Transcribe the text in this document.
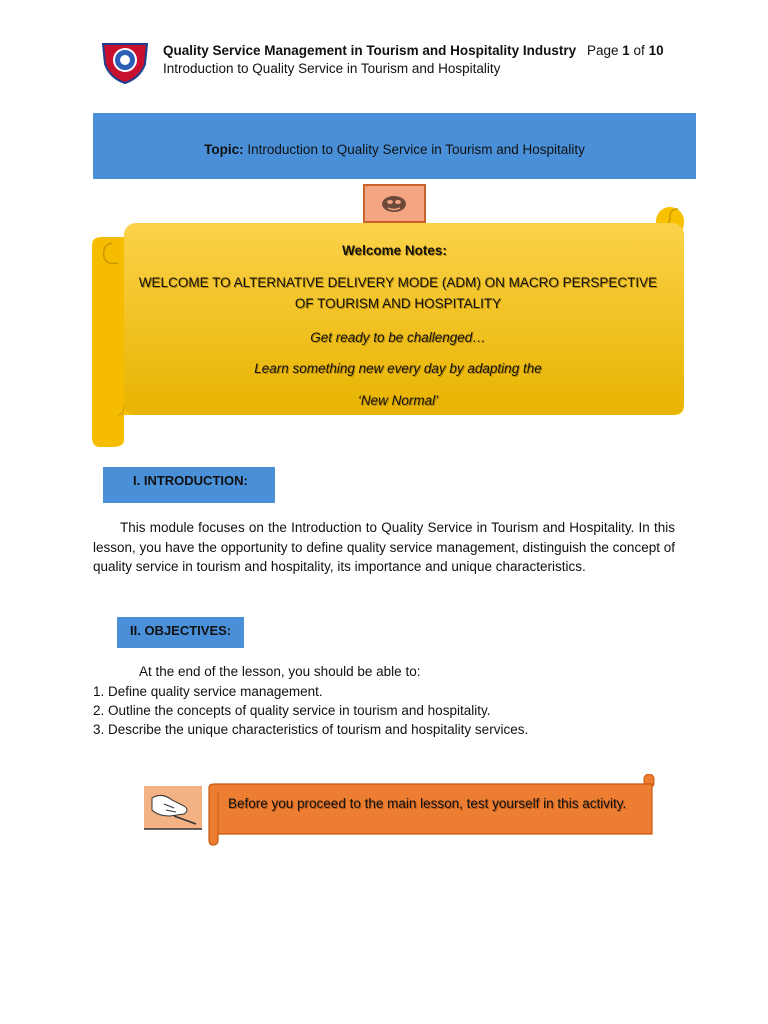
Quality Service Management in Tourism and Hospitality Industry
Introduction to Quality Service in Tourism and Hospitality
Page 1 of 10
Topic: Introduction to Quality Service in Tourism and Hospitality
Welcome Notes:
WELCOME TO ALTERNATIVE DELIVERY MODE (ADM) ON MACRO PERSPECTIVE OF TOURISM AND HOSPITALITY
Get ready to be challenged…
Learn something new every day by adapting the
‘New Normal’
I. INTRODUCTION:
This module focuses on the Introduction to Quality Service in Tourism and Hospitality. In this lesson, you have the opportunity to define quality service management, distinguish the concept of quality service in tourism and hospitality, its importance and unique characteristics.
II. OBJECTIVES:
At the end of the lesson, you should be able to:
1. Define quality service management.
2. Outline the concepts of quality service in tourism and hospitality.
3. Describe the unique characteristics of tourism and hospitality services.
Before you proceed to the main lesson, test yourself in this activity.
